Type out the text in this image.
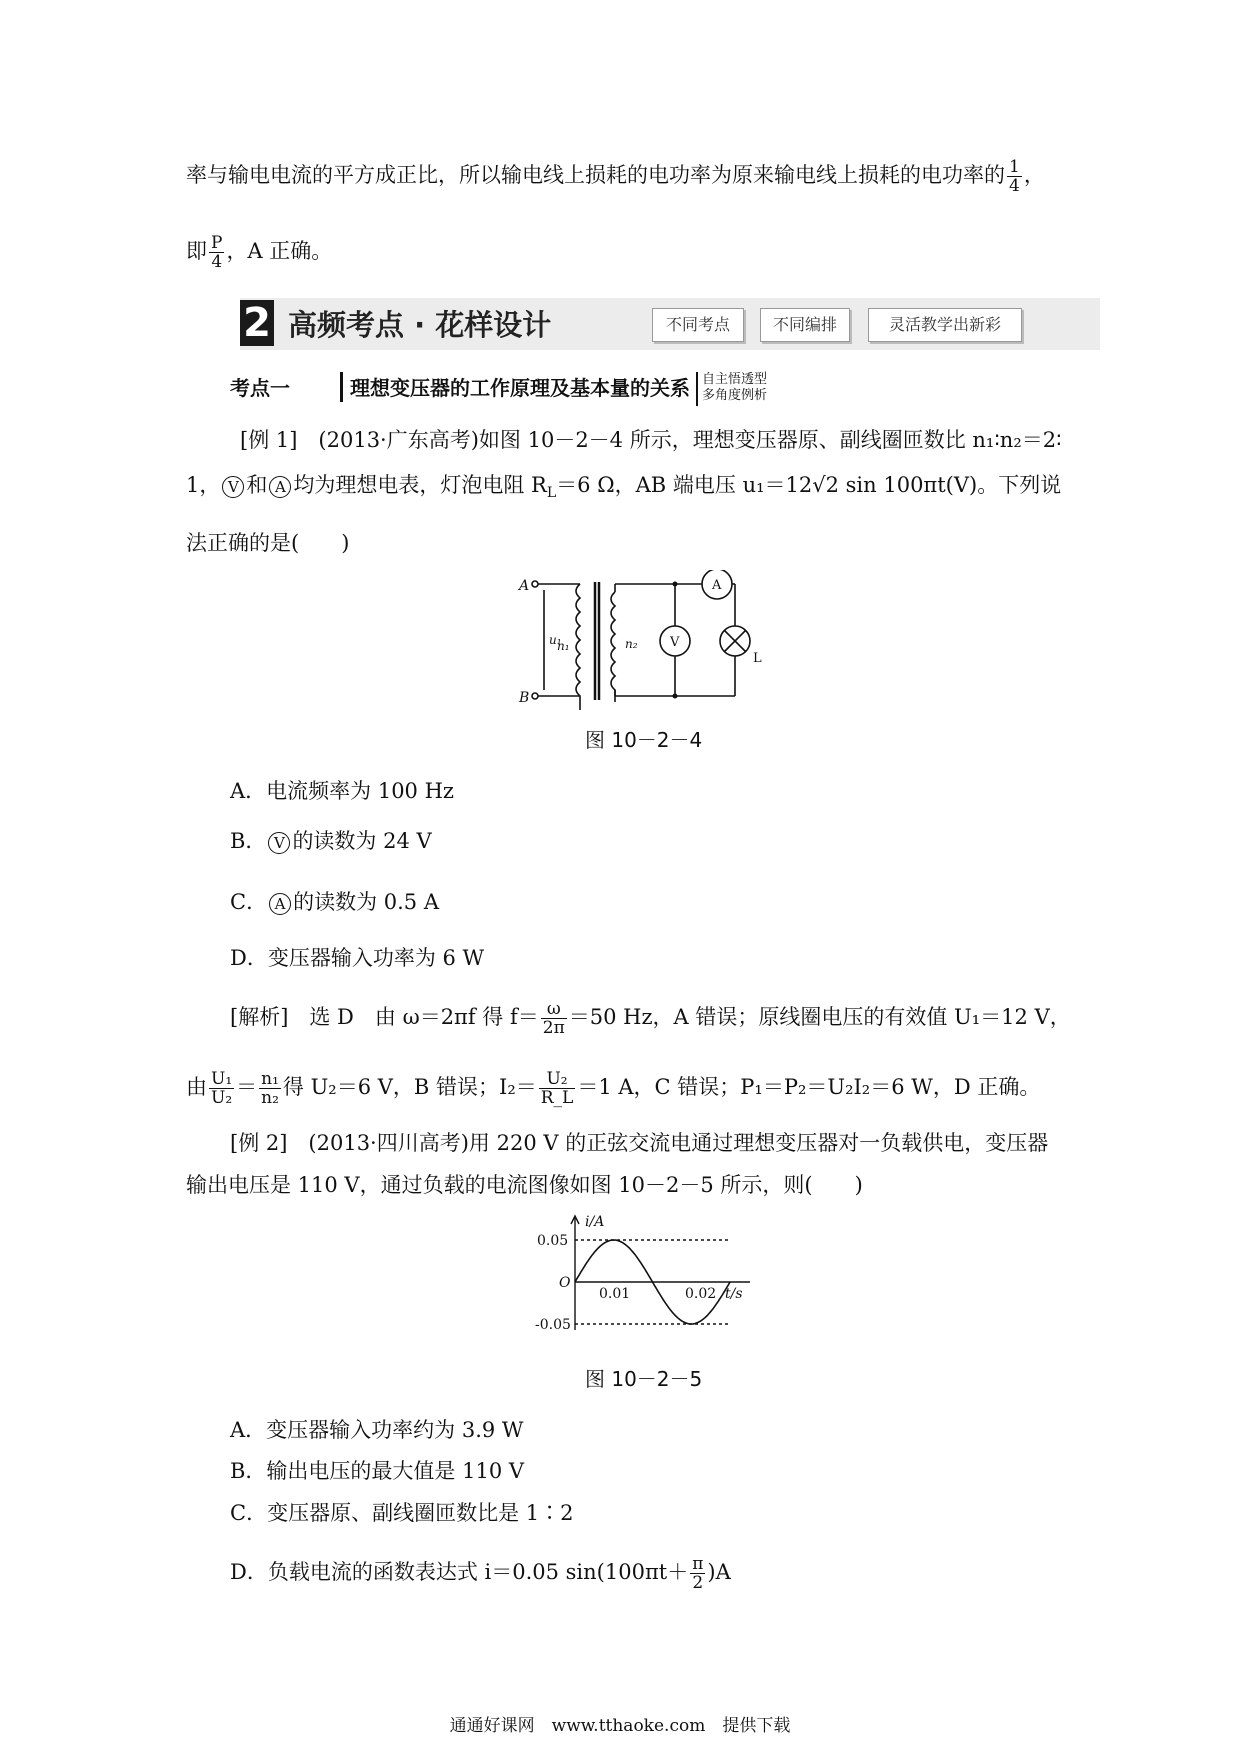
率与输电电流的平方成正比，所以输电线上损耗的电功率为原来输电线上损耗的电功率的 $\frac{1}{4}$ ，
即 $\frac{P}{4}$ ，A 正确。
2 高频考点 · 花样设计	不同考点	不同编排	灵活教学出新彩
考点一	理想变压器的工作原理及基本量的关系 自主悟透型
多角度例析
[例 1]　(2013·广东高考)如图 10－2－4 所示，理想变压器原、副线圈匝数比 n₁∶n₂＝2∶
1， V 和 A 均为理想电表，灯泡电阻 $R_L=6$ Ω，AB 端电压 u₁＝12√2 sin 100πt(V)。下列说
法正确的是(　　)
A
B
u₁
n₁	n₂ V
A
L
图 10－2－4
A．电流频率为 100 Hz
B． V 的读数为 24 V
C． A 的读数为 0.5 A
D．变压器输入功率为 6 W
[解析]　选 D　由 ω＝2πf 得 $f= \frac{\omega}{2\pi} =50$ Hz，A 错误；原线圈电压的有效值 U₁＝12 V，
由 $\frac{\text{U₁}}{\text{U₂}} = \frac{\text{n₁}}{\text{n₂}}$ 得 U₂＝6 V，B 错误；$I_2= \frac{\text{U₂}}{R\_L} =1$ A，C 错误；P₁＝P₂＝U₂I₂＝6 W，D 正确。
[例 2]　(2013·四川高考)用 220 V 的正弦交流电通过理想变压器对一负载供电，变压器
输出电压是 110 V，通过负载的电流图像如图 10－2－5 所示，则(　　)
0.05
-0.05
O
0.01	0.02 t/s
i/A
图 10－2－5
A．变压器输入功率约为 3.9 W
B．输出电压的最大值是 110 V
C．变压器原、副线圈匝数比是 1∶2
D．负载电流的函数表达式 i＝0.05 $\sin(100\pi t+ \frac{\pi}{2} )A$
通通好课网　www.tthaoke.com　提供下载
